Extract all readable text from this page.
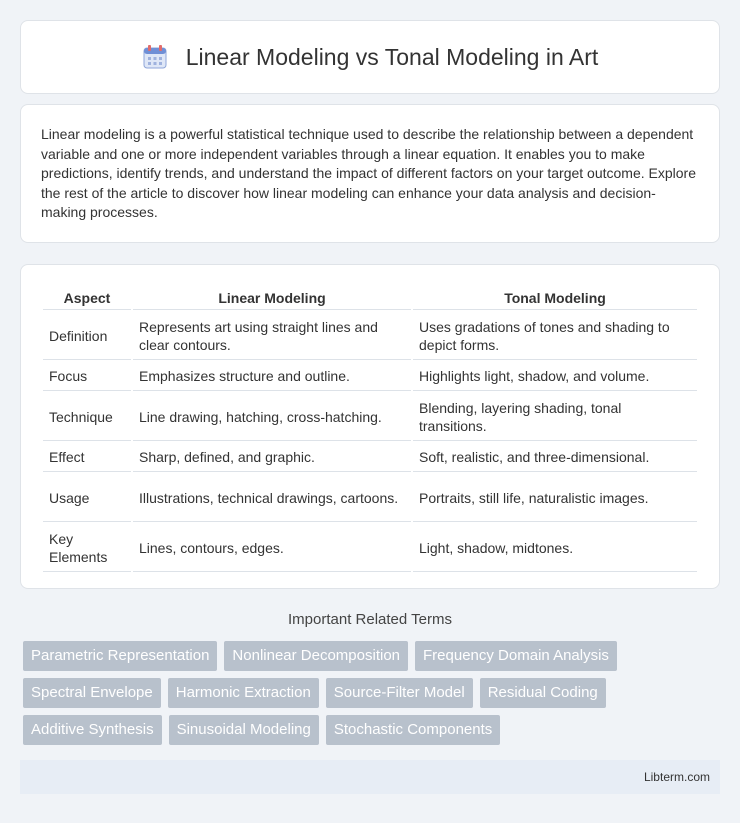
Linear Modeling vs Tonal Modeling in Art

Linear modeling is a powerful statistical technique used to describe the relationship between a dependent variable and one or more independent variables through a linear equation. It enables you to make predictions, identify trends, and understand the impact of different factors on your target outcome. Explore the rest of the article to discover how linear modeling can enhance your data analysis and decision-making processes.

Aspect	Linear Modeling	Tonal Modeling
Definition	Represents art using straight lines and clear contours.	Uses gradations of tones and shading to depict forms.
Focus	Emphasizes structure and outline.	Highlights light, shadow, and volume.
Technique	Line drawing, hatching, cross-hatching.	Blending, layering shading, tonal transitions.
Effect	Sharp, defined, and graphic.	Soft, realistic, and three-dimensional.
Usage	Illustrations, technical drawings, cartoons.	Portraits, still life, naturalistic images.
Key Elements	Lines, contours, edges.	Light, shadow, midtones.
Important Related Terms
Parametric Representation	Nonlinear Decomposition	Frequency Domain Analysis
Spectral Envelope	Harmonic Extraction	Source-Filter Model	Residual Coding
Additive Synthesis	Sinusoidal Modeling	Stochastic Components
Libterm.com
